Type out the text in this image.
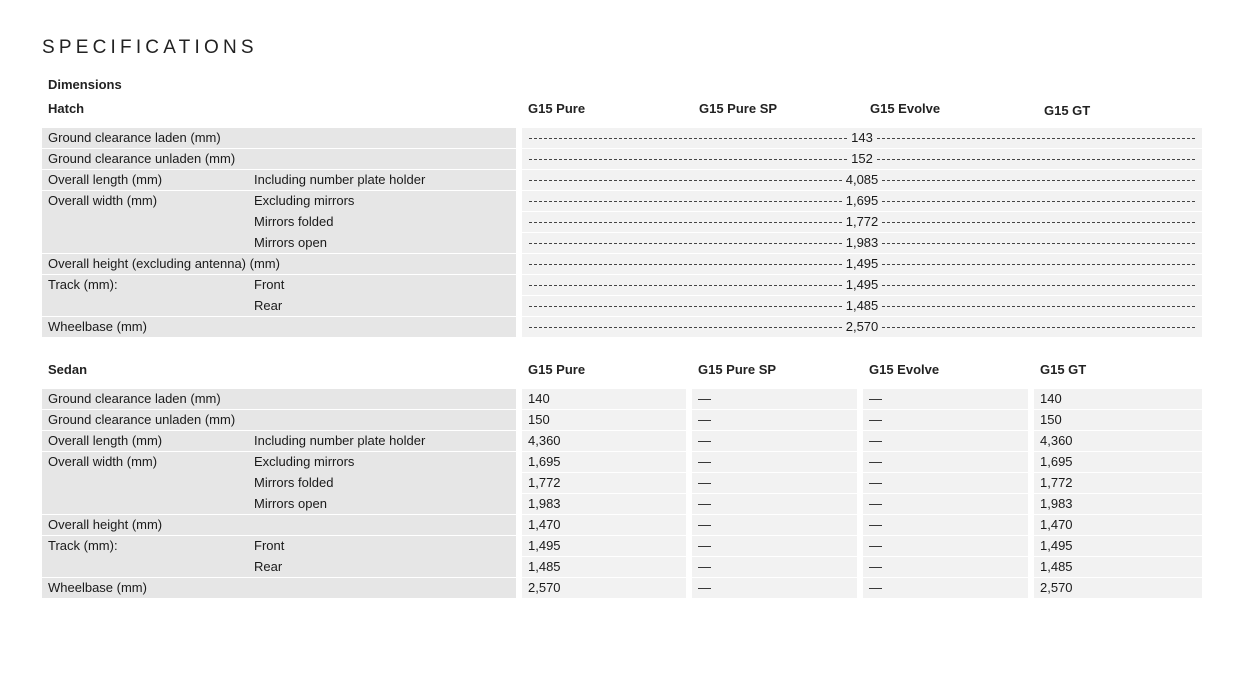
SPECIFICATIONS
Dimensions
Hatch	G15 Pure	G15 Pure SP	G15 Evolve	G15 GT
Ground clearance laden (mm)	143
Ground clearance unladen (mm)	152
Overall length (mm)	Including number plate holder	4,085
Overall width (mm)	Excluding mirrors	1,695
Mirrors folded	1,772
Mirrors open	1,983
Overall height (excluding antenna) (mm)	1,495
Track (mm):	Front	1,495
Rear	1,485
Wheelbase (mm)	2,570
Sedan	G15 Pure	G15 Pure SP	G15 Evolve	G15 GT
Ground clearance laden (mm)	140	—	—	140
Ground clearance unladen (mm)	150	—	—	150
Overall length (mm)	Including number plate holder	4,360	—	—	4,360
Overall width (mm)	Excluding mirrors	1,695	—	—	1,695
Mirrors folded	1,772	—	—	1,772
Mirrors open	1,983	—	—	1,983
Overall height (mm)	1,470	—	—	1,470
Track (mm):	Front	1,495	—	—	1,495
Rear	1,485	—	—	1,485
Wheelbase (mm)	2,570	—	—	2,570
